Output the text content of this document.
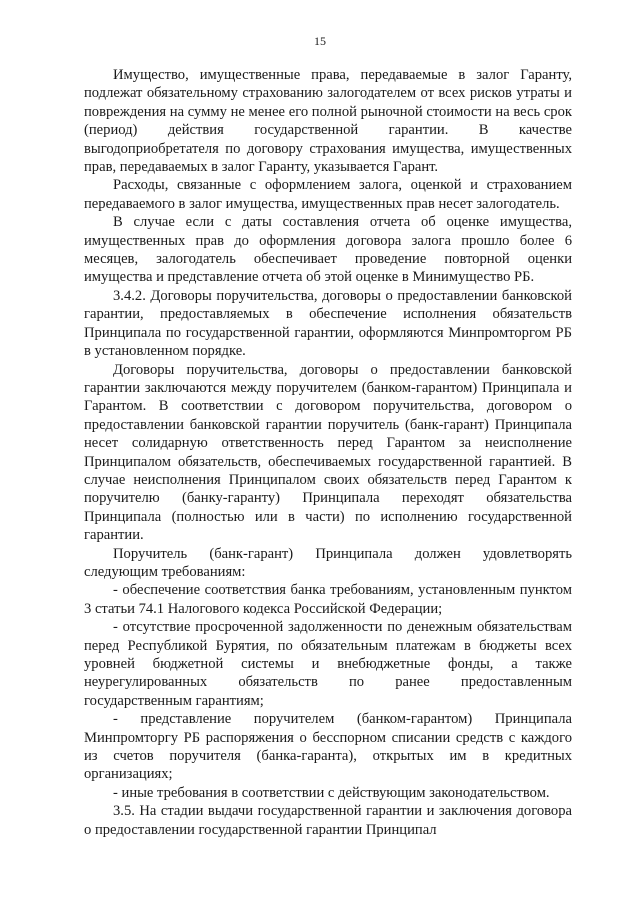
15

Имущество, имущественные права, передаваемые в залог Гаранту, подлежат обязательному страхованию залогодателем от всех рисков утраты и повреждения на сумму не менее его полной рыночной стоимости на весь срок (период) действия государственной гарантии. В качестве выгодоприобретателя по договору страхования имущества, имущественных прав, передаваемых в залог Гаранту, указывается Гарант.

Расходы, связанные с оформлением залога, оценкой и страхованием передаваемого в залог имущества, имущественных прав несет залогодатель.

В случае если с даты составления отчета об оценке имущества, имущественных прав до оформления договора залога прошло более 6 месяцев, залогодатель обеспечивает проведение повторной оценки имущества и представление отчета об этой оценке в Минимущество РБ.

3.4.2. Договоры поручительства, договоры о предоставлении банковской гарантии, предоставляемых в обеспечение исполнения обязательств Принципала по государственной гарантии, оформляются Минпромторгом РБ в установленном порядке.

Договоры поручительства, договоры о предоставлении банковской гарантии заключаются между поручителем (банком-гарантом) Принципала и Гарантом. В соответствии с договором поручительства, договором о предоставлении банковской гарантии поручитель (банк-гарант) Принципала несет солидарную ответственность перед Гарантом за неисполнение Принципалом обязательств, обеспечиваемых государственной гарантией. В случае неисполнения Принципалом своих обязательств перед Гарантом к поручителю (банку-гаранту) Принципала переходят обязательства Принципала (полностью или в части) по исполнению государственной гарантии.

Поручитель (банк-гарант) Принципала должен удовлетворять следующим требованиям:

- обеспечение соответствия банка требованиям, установленным пунктом 3 статьи 74.1 Налогового кодекса Российской Федерации;

- отсутствие просроченной задолженности по денежным обязательствам перед Республикой Бурятия, по обязательным платежам в бюджеты всех уровней бюджетной системы и внебюджетные фонды, а также неурегулированных обязательств по ранее предоставленным государственным гарантиям;

- представление поручителем (банком-гарантом) Принципала Минпромторгу РБ распоряжения о бесспорном списании средств с каждого из счетов поручителя (банка-гаранта), открытых им в кредитных организациях;

- иные требования в соответствии с действующим законодательством.

3.5. На стадии выдачи государственной гарантии и заключения договора о предоставлении государственной гарантии Принципал
